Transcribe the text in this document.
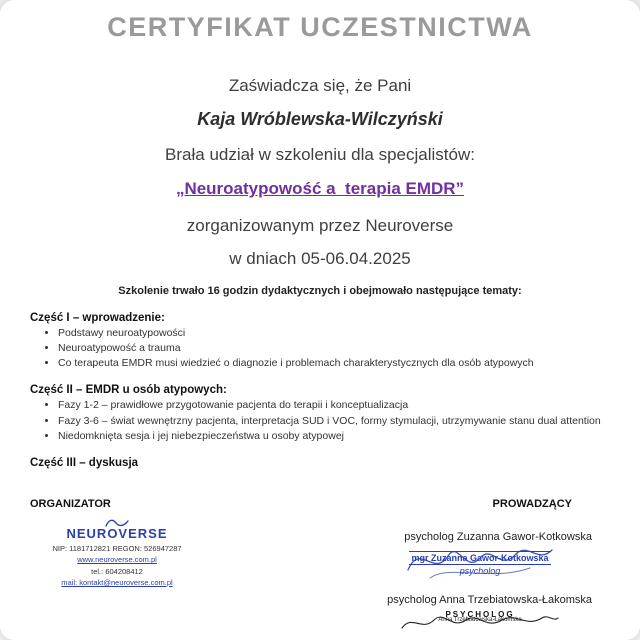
CERTYFIKAT UCZESTNICTWA
Zaświadcza się, że Pani
Kaja Wróblewska-Wilczyński
Brała udział w szkoleniu dla specjalistów:
„Neuroatypowość a  terapia EMDR”
zorganizowanym przez Neuroverse
w dniach 05-06.04.2025
Szkolenie trwało 16 godzin dydaktycznych i obejmowało następujące tematy:

Część I – wprowadzenie:

• Podstawy neuroatypowości
• Neuroatypowość a trauma
• Co terapeuta EMDR musi wiedzieć o diagnozie i problemach charakterystycznych dla osób atypowych

Część II – EMDR u osób atypowych:

• Fazy 1-2 – prawidłowe przygotowanie pacjenta do terapii i konceptualizacja
• Fazy 3-6 – świat wewnętrzny pacjenta, interpretacja SUD i VOC, formy stymulacji, utrzymywanie stanu dual attention
• Niedomknięta sesja i jej niebezpieczeństwa u osoby atypowej

Część III – dyskusja

ORGANIZATOR	PROWADZĄCY
NEUROVERSE
NIP: 1181712821 REGON: 526947287
www.neuroverse.com.pl
tel.: 604208412
mail: kontakt@neuroverse.com.pl
psycholog Zuzanna Gawor-Kotkowska
mgr Zuzanna Gawor-Kotkowska
psycholog
psycholog Anna Trzebiatowska-Łakomska
PSYCHOLOG
Anna Trzebiatowska-Łakomska
